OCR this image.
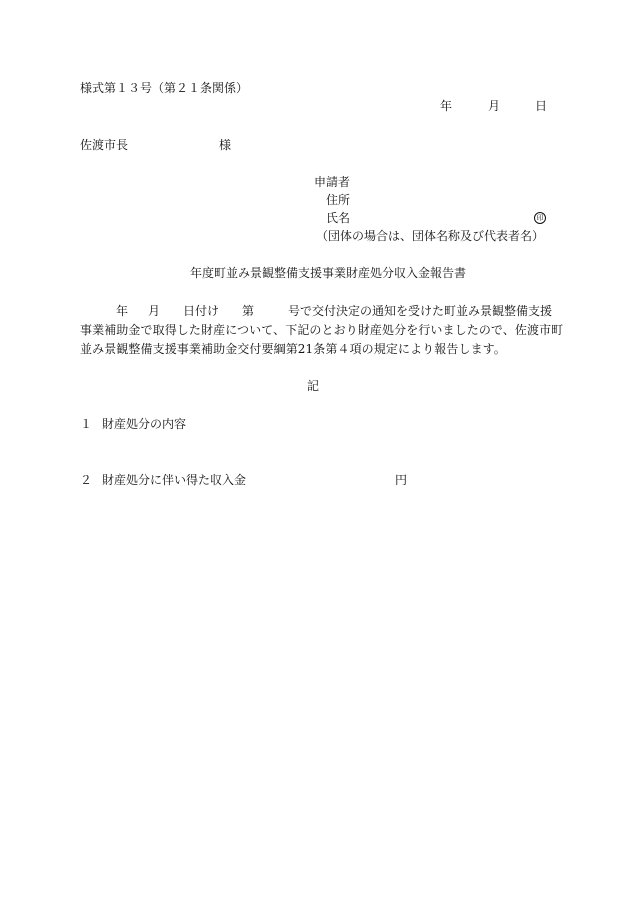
様式第１３号（第２１条関係）
年	月	日
佐渡市長	様
申請者
住所
氏名	印
（団体の場合は、団体名称及び代表者名）
年度町並み景観整備支援事業財産処分収入金報告書
年 月 日付け 第	号で交付決定の通知を受けた町並み景観整備支援
事業補助金で取得した財産について、下記のとおり財産処分を行いましたので、佐渡市町
並み景観整備支援事業補助金交付要綱第21条第４項の規定により報告します。
記
１ 財産処分の内容
２ 財産処分に伴い得た収入金	円
